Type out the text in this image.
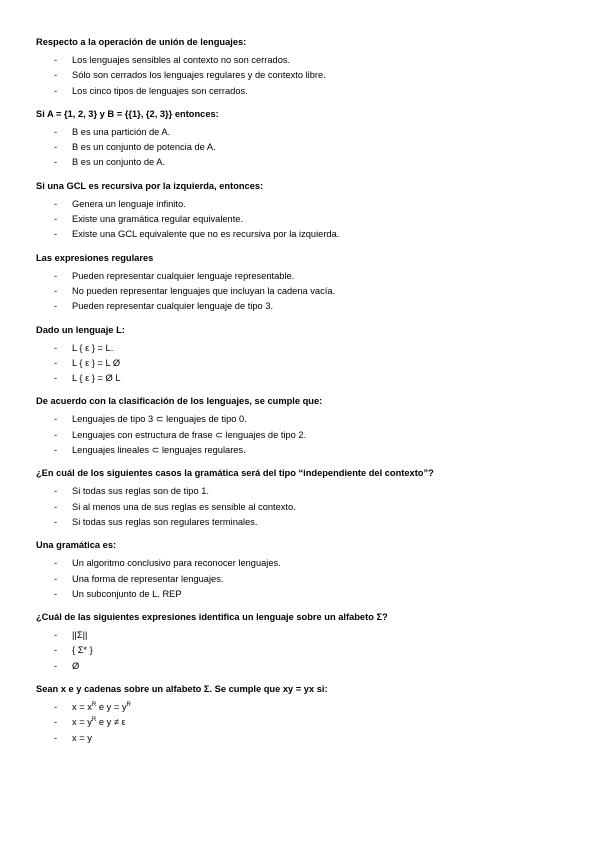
Respecto a la operación de unión de lenguajes:

- Los lenguajes sensibles al contexto no son cerrados.
- Sólo son cerrados los lenguajes regulares y de contexto libre.
- Los cinco tipos de lenguajes son cerrados.

Si A = {1, 2, 3} y B = {{1}, {2, 3}} entonces:

- B es una partición de A.
- B es un conjunto de potencia de A.
- B es un conjunto de A.

Si una GCL es recursiva por la izquierda, entonces:

- Genera un lenguaje infinito.
- Existe una gramática regular equivalente.
- Existe una GCL equivalente que no es recursiva por la izquierda.

Las expresiones regulares

- Pueden representar cualquier lenguaje representable.
- No pueden representar lenguajes que incluyan la cadena vacía.
- Pueden representar cualquier lenguaje de tipo 3.

Dado un lenguaje L:

- L { ε } = L.
- L { ε } = L Ø
- L { ε } = Ø L

De acuerdo con la clasificación de los lenguajes, se cumple que:

- Lenguajes de tipo 3 ⊂ lenguajes de tipo 0.
- Lenguajes con estructura de frase ⊂ lenguajes de tipo 2.
- Lenguajes lineales ⊂ lenguajes regulares.

¿En cuál de los siguientes casos la gramática será del tipo “independiente del contexto”?

- Si todas sus reglas son de tipo 1.
- Si al menos una de sus reglas es sensible al contexto.
- Si todas sus reglas son regulares terminales.

Una gramática es:

- Un algoritmo conclusivo para reconocer lenguajes.
- Una forma de representar lenguajes.
- Un subconjunto de L. REP

¿Cuál de las siguientes expresiones identifica un lenguaje sobre un alfabeto Σ?

- ||Σ||
- { Σ* }
- Ø

Sean x e y cadenas sobre un alfabeto Σ. Se cumple que xy = yx si:

- $x = x^R$ e $y = y^R$
- $x = y^R$ e y ≠ ε
- x = y
